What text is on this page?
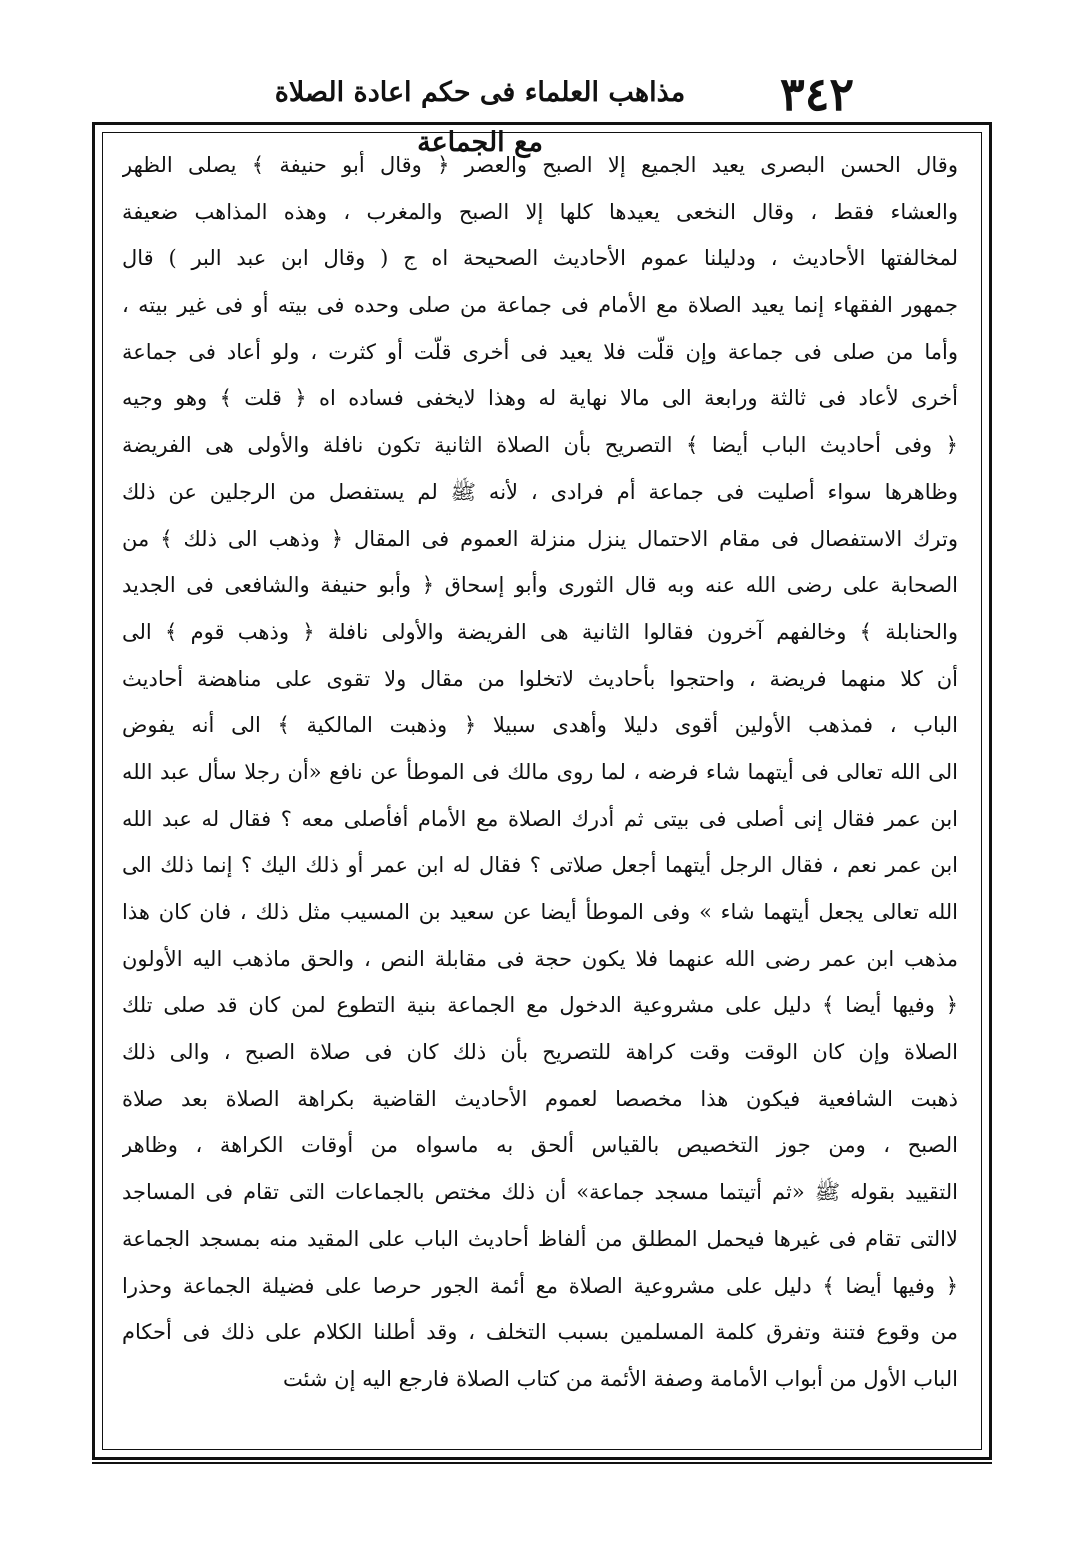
٣٤٢
مذاهب العلماء فى حكم اعادة الصلاة مع الجماعة
وقال الحسن البصرى يعيد الجميع إلا الصبح والعصر ﴿ وقال أبو حنيفة ﴾ يصلى الظهر
والعشاء فقط ، وقال النخعى يعيدها كلها إلا الصبح والمغرب ، وهذه المذاهب ضعيفة
لمخالفتها الأحاديث ، ودليلنا عموم الأحاديث الصحيحة اه ج ( وقال ابن عبد البر ) قال
جمهور الفقهاء إنما يعيد الصلاة مع الأمام فى جماعة من صلى وحده فى بيته أو فى غير بيته ،
وأما من صلى فى جماعة وإن قلّت فلا يعيد فى أخرى قلّت أو كثرت ، ولو أعاد فى جماعة
أخرى لأعاد فى ثالثة ورابعة الى مالا نهاية له وهذا لايخفى فساده اه ﴿ قلت ﴾ وهو وجيه
﴿ وفى أحاديث الباب أيضا ﴾ التصريح بأن الصلاة الثانية تكون نافلة والأولى هى الفريضة
وظاهرها سواء أصليت فى جماعة أم فرادى ، لأنه ﷺ لم يستفصل من الرجلين عن ذلك
وترك الاستفصال فى مقام الاحتمال ينزل منزلة العموم فى المقال ﴿ وذهب الى ذلك ﴾ من
الصحابة على رضى الله عنه وبه قال الثورى وأبو إسحاق ﴿ وأبو حنيفة والشافعى فى الجديد
والحنابلة ﴾ وخالفهم آخرون فقالوا الثانية هى الفريضة والأولى نافلة ﴿ وذهب قوم ﴾ الى
أن كلا منهما فريضة ، واحتجوا بأحاديث لاتخلوا من مقال ولا تقوى على مناهضة أحاديث
الباب ، فمذهب الأولين أقوى دليلا وأهدى سبيلا ﴿ وذهبت المالكية ﴾ الى أنه يفوض
الى الله تعالى فى أيتهما شاء فرضه ، لما روى مالك فى الموطأ عن نافع «أن رجلا سأل عبد الله
ابن عمر فقال إنى أصلى فى بيتى ثم أدرك الصلاة مع الأمام أفأصلى معه ؟ فقال له عبد الله
ابن عمر نعم ، فقال الرجل أيتهما أجعل صلاتى ؟ فقال له ابن عمر أو ذلك اليك ؟ إنما ذلك الى
الله تعالى يجعل أيتهما شاء » وفى الموطأ أيضا عن سعيد بن المسيب مثل ذلك ، فان كان هذا
مذهب ابن عمر رضى الله عنهما فلا يكون حجة فى مقابلة النص ، والحق ماذهب اليه الأولون
﴿ وفيها أيضا ﴾ دليل على مشروعية الدخول مع الجماعة بنية التطوع لمن كان قد صلى تلك
الصلاة وإن كان الوقت وقت كراهة للتصريح بأن ذلك كان فى صلاة الصبح ، والى ذلك
ذهبت الشافعية فيكون هذا مخصصا لعموم الأحاديث القاضية بكراهة الصلاة بعد صلاة
الصبح ، ومن جوز التخصيص بالقياس ألحق به ماسواه من أوقات الكراهة ، وظاهر
التقييد بقوله ﷺ «ثم أتيتما مسجد جماعة» أن ذلك مختص بالجماعات التى تقام فى المساجد
لاالتى تقام فى غيرها فيحمل المطلق من ألفاظ أحاديث الباب على المقيد منه بمسجد الجماعة
﴿ وفيها أيضا ﴾ دليل على مشروعية الصلاة مع أئمة الجور حرصا على فضيلة الجماعة وحذرا
من وقوع فتنة وتفرق كلمة المسلمين بسبب التخلف ، وقد أطلنا الكلام على ذلك فى أحكام
الباب الأول من أبواب الأمامة وصفة الأئمة من كتاب الصلاة فارجع اليه إن شئت
